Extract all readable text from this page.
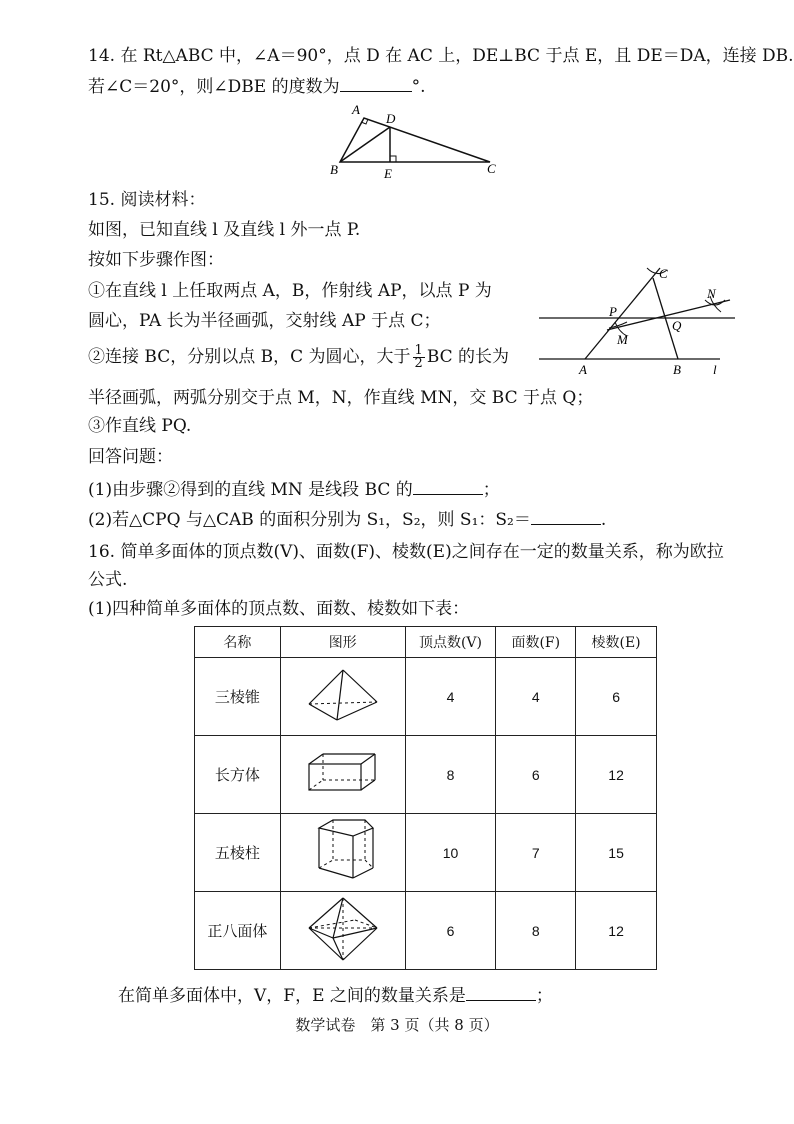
14. 在 Rt△ABC 中，∠A＝90°，点 D 在 AC 上，DE⊥BC 于点 E，且 DE＝DA，连接 DB.
若∠C＝20°，则∠DBE 的度数为	°.
A
D
B	E	C
15. 阅读材料：
如图，已知直线 l 及直线 l 外一点 P.
按如下步骤作图：
①在直线 l 上任取两点 A，B，作射线 AP，以点 P 为
圆心，PA 长为半径画弧，交射线 AP 于点 C；
②连接 BC，分别以点 B，C 为圆心，大于 $\frac{1}{2}$ BC 的长为
半径画弧，两弧分别交于点 M，N，作直线 MN，交 BC 于点 Q；
③作直线 PQ.
回答问题：
(1)由步骤②得到的直线 MN 是线段 BC 的	；
(2)若△CPQ 与△CAB 的面积分别为 S₁，S₂，则 S₁：S₂＝	.
C
N
P
Q
M
A	B l
16. 简单多面体的顶点数(V)、面数(F)、棱数(E)之间存在一定的数量关系，称为欧拉
公式.
(1)四种简单多面体的顶点数、面数、棱数如下表：
名称	图形	顶点数(V)	面数(F)	棱数(E)
三棱锥		4	4	6
长方体		8	6	12
五棱柱		10	7	15
正八面体		6	8	12
在简单多面体中，V，F，E 之间的数量关系是	；
数学试卷　第 3 页（共 8 页）
